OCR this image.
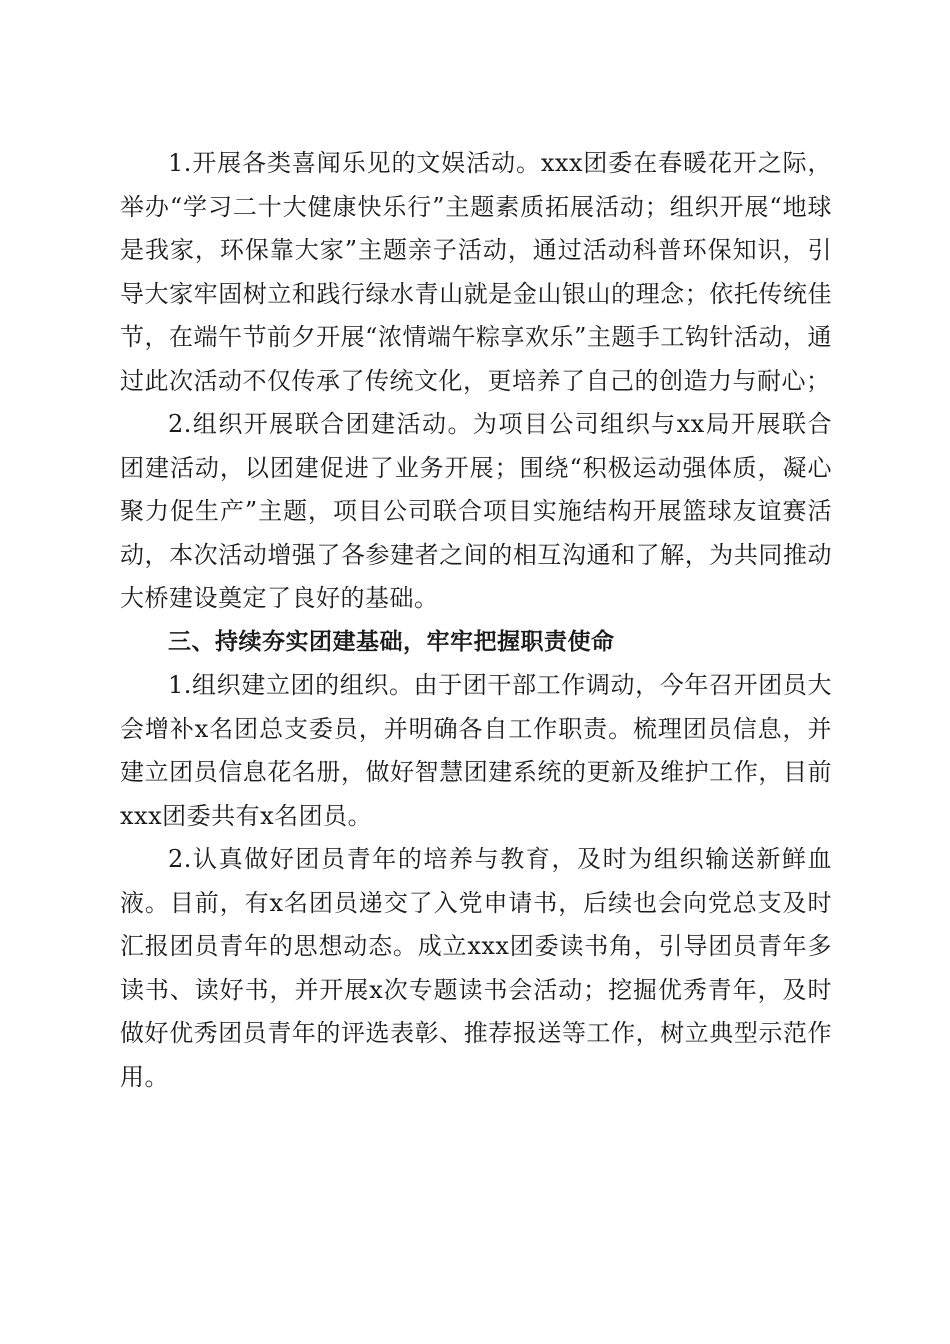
1.开展各类喜闻乐见的文娱活动。xxx团委在春暖花开之际，举办“学习二十大健康快乐行”主题素质拓展活动；组织开展“地球是我家，环保靠大家”主题亲子活动，通过活动科普环保知识，引导大家牢固树立和践行绿水青山就是金山银山的理念；依托传统佳节，在端午节前夕开展“浓情端午粽享欢乐”主题手工钩针活动，通过此次活动不仅传承了传统文化，更培养了自己的创造力与耐心；

2.组织开展联合团建活动。为项目公司组织与xx局开展联合团建活动，以团建促进了业务开展；围绕“积极运动强体质，凝心聚力促生产”主题，项目公司联合项目实施结构开展篮球友谊赛活动，本次活动增强了各参建者之间的相互沟通和了解，为共同推动大桥建设奠定了良好的基础。

三、持续夯实团建基础，牢牢把握职责使命

1.组织建立团的组织。由于团干部工作调动，今年召开团员大会增补x名团总支委员，并明确各自工作职责。梳理团员信息，并建立团员信息花名册，做好智慧团建系统的更新及维护工作，目前xxx团委共有x名团员。

2.认真做好团员青年的培养与教育，及时为组织输送新鲜血液。目前，有x名团员递交了入党申请书，后续也会向党总支及时汇报团员青年的思想动态。成立xxx团委读书角，引导团员青年多读书、读好书，并开展x次专题读书会活动；挖掘优秀青年，及时做好优秀团员青年的评选表彰、推荐报送等工作，树立典型示范作用。
